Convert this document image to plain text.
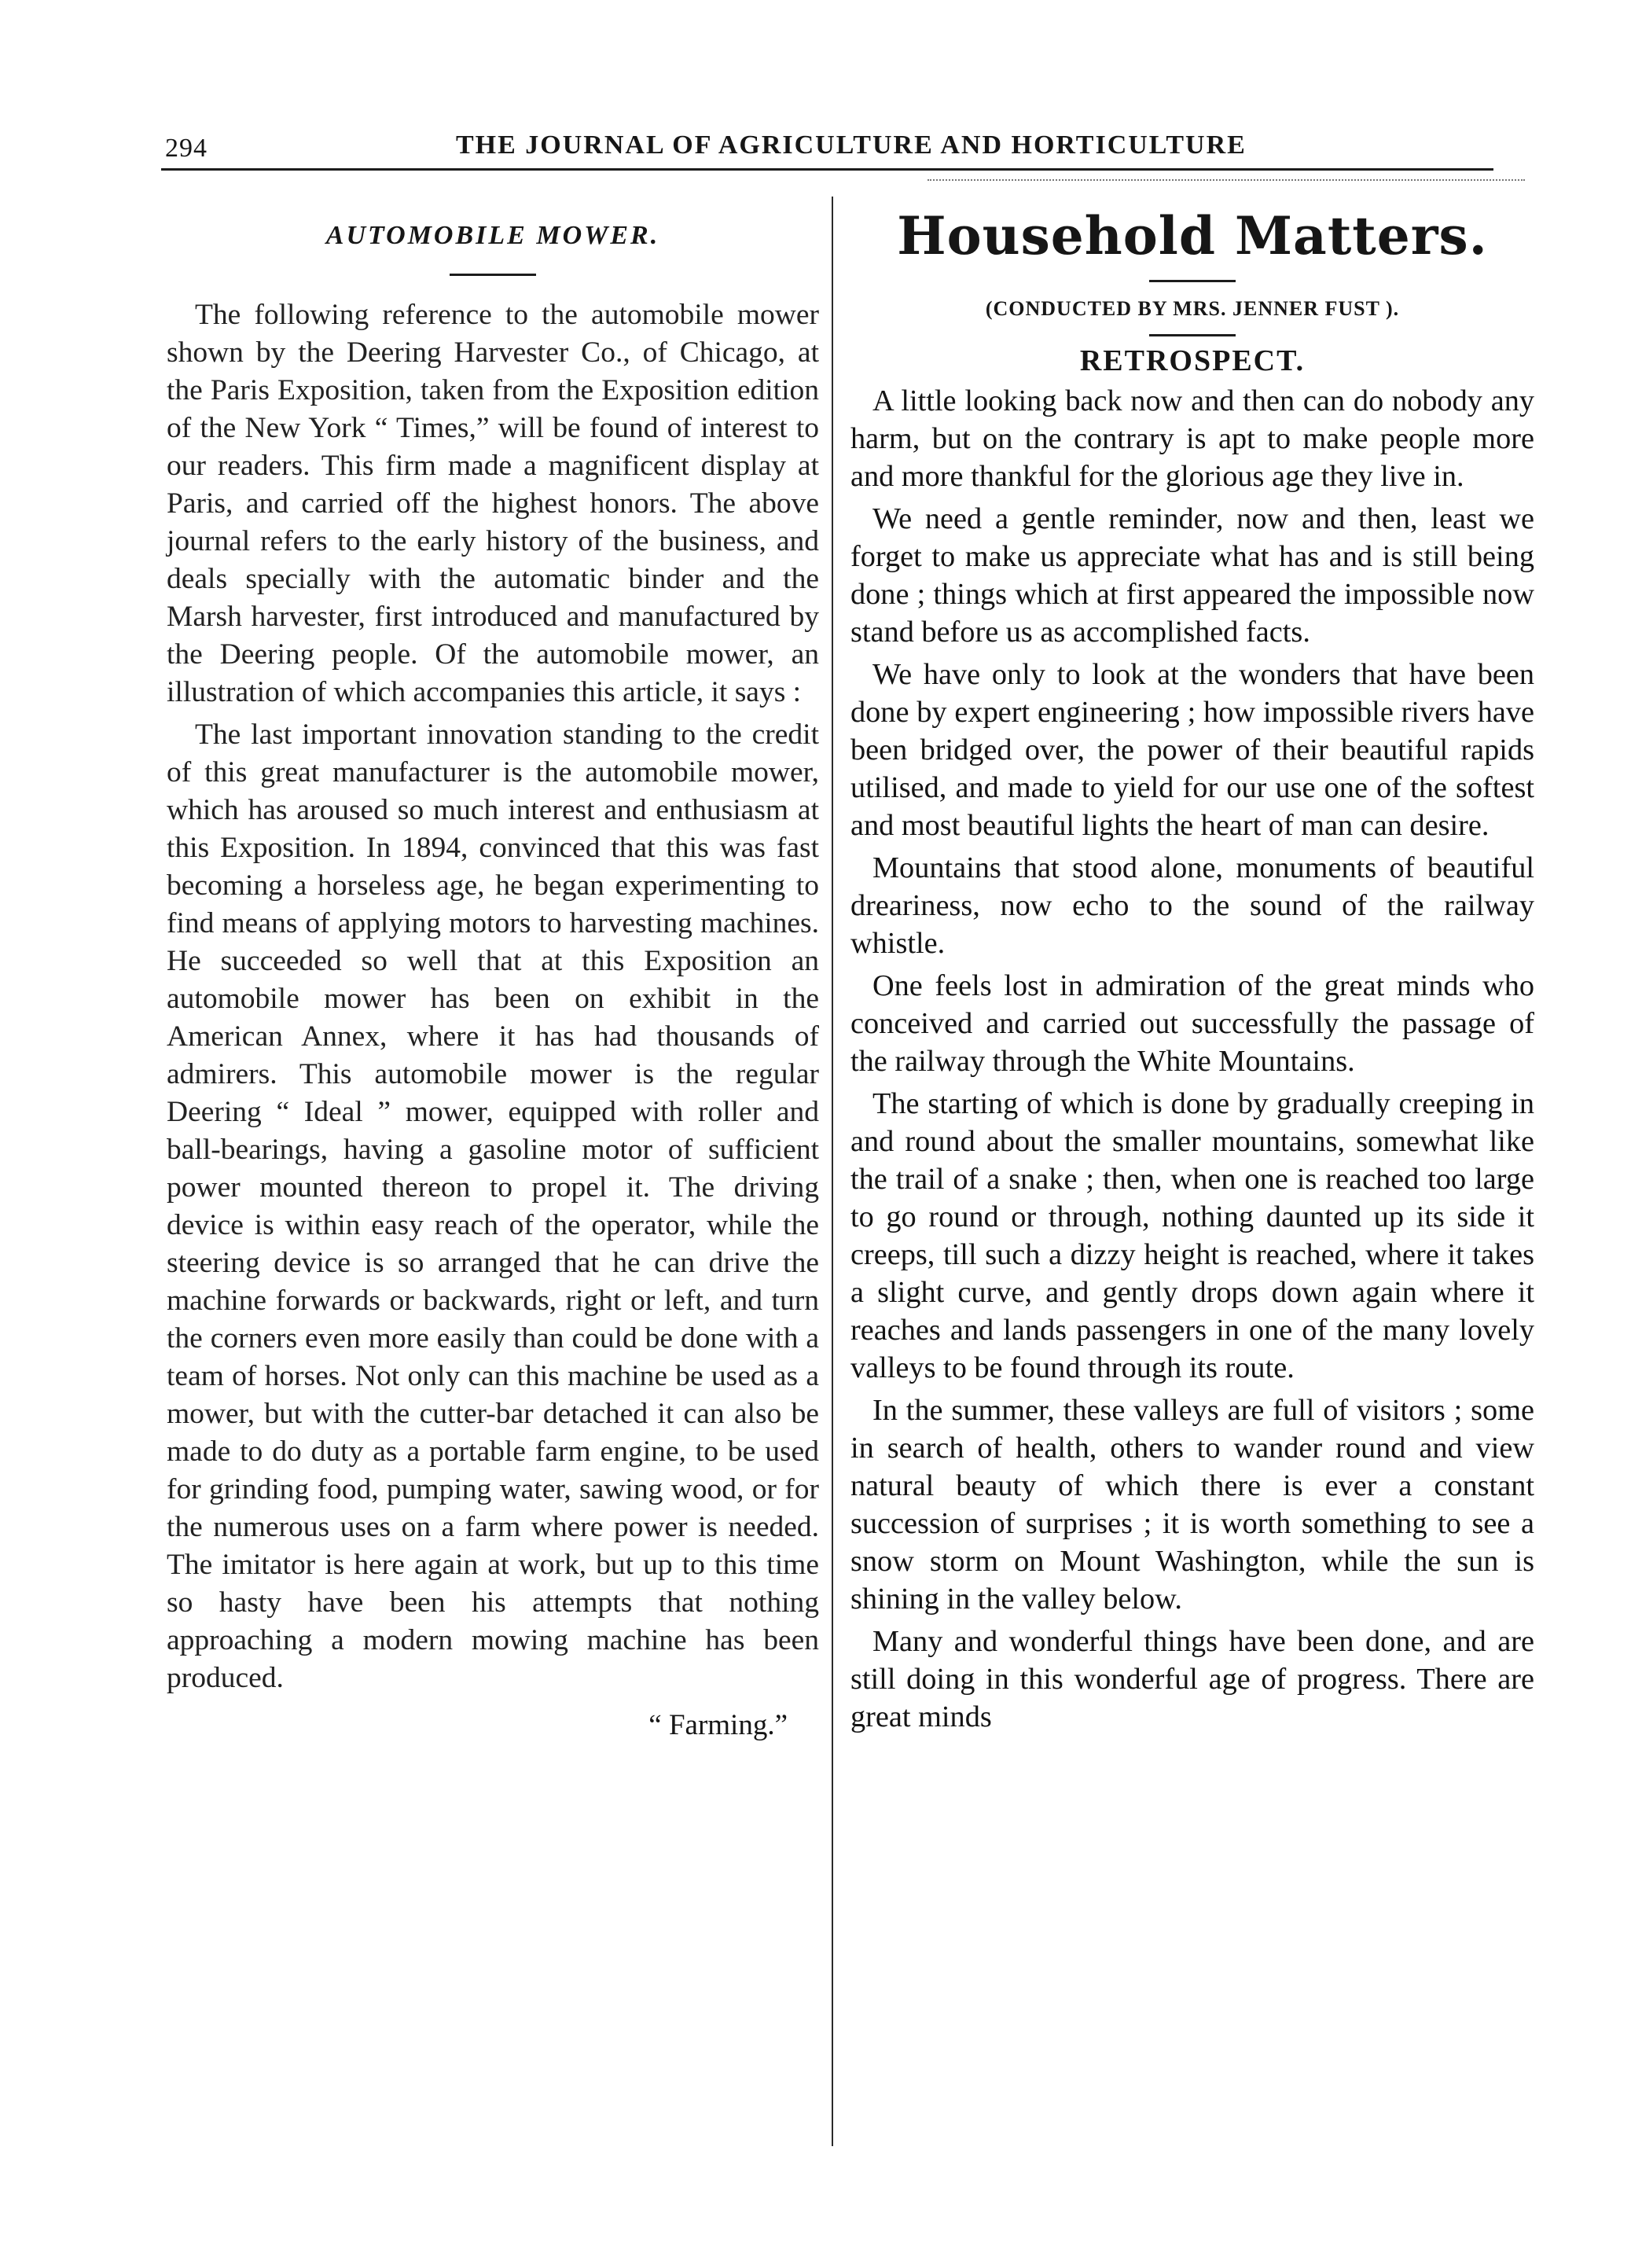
294	THE JOURNAL OF AGRICULTURE AND HORTICULTURE
AUTOMOBILE MOWER.

The following reference to the automobile mower shown by the Deering Harvester Co., of Chicago, at the Paris Exposition, taken from the Exposition edition of the New York “ Times,” will be found of interest to our readers. This firm made a magnificent display at Paris, and carried off the highest honors. The above journal refers to the early history of the business, and deals specially with the automatic binder and the Marsh harvester, first introduced and manufactured by the Deering people. Of the automobile mower, an illustration of which accompanies this article, it says :

The last important innovation standing to the credit of this great manufacturer is the automobile mower, which has aroused so much interest and enthusiasm at this Exposition. In 1894, convinced that this was fast becoming a horseless age, he began experimenting to find means of applying motors to harvesting machines. He succeeded so well that at this Exposition an automobile mower has been on exhibit in the American Annex, where it has had thousands of admirers. This automobile mower is the regular Deering “ Ideal ” mower, equipped with roller and ball-bearings, having a gasoline motor of sufficient power mounted thereon to propel it. The driving device is within easy reach of the operator, while the steering device is so arranged that he can drive the machine forwards or backwards, right or left, and turn the corners even more easily than could be done with a team of horses. Not only can this machine be used as a mower, but with the cutter-bar detached it can also be made to do duty as a portable farm engine, to be used for grinding food, pumping water, sawing wood, or for the numerous uses on a farm where power is needed. The imitator is here again at work, but up to this time so hasty have been his attempts that nothing approaching a modern mowing machine has been produced.

“ Farming.”

Household Matters.

(CONDUCTED BY MRS. JENNER FUST ).

RETROSPECT.

A little looking back now and then can do nobody any harm, but on the contrary is apt to make people more and more thankful for the glorious age they live in.

We need a gentle reminder, now and then, least we forget to make us appreciate what has and is still being done ; things which at first appeared the impossible now stand before us as accomplished facts.

We have only to look at the wonders that have been done by expert engineering ; how impossible rivers have been bridged over, the power of their beautiful rapids utilised, and made to yield for our use one of the softest and most beautiful lights the heart of man can desire.

Mountains that stood alone, monuments of beautiful dreariness, now echo to the sound of the railway whistle.

One feels lost in admiration of the great minds who conceived and carried out successfully the passage of the railway through the White Mountains.

The starting of which is done by gradually creeping in and round about the smaller mountains, somewhat like the trail of a snake ; then, when one is reached too large to go round or through, nothing daunted up its side it creeps, till such a dizzy height is reached, where it takes a slight curve, and gently drops down again where it reaches and lands passengers in one of the many lovely valleys to be found through its route.

In the summer, these valleys are full of visitors ; some in search of health, others to wander round and view natural beauty of which there is ever a constant succession of surprises ; it is worth something to see a snow storm on Mount Washington, while the sun is shining in the valley below.

Many and wonderful things have been done, and are still doing in this wonderful age of progress. There are great minds
